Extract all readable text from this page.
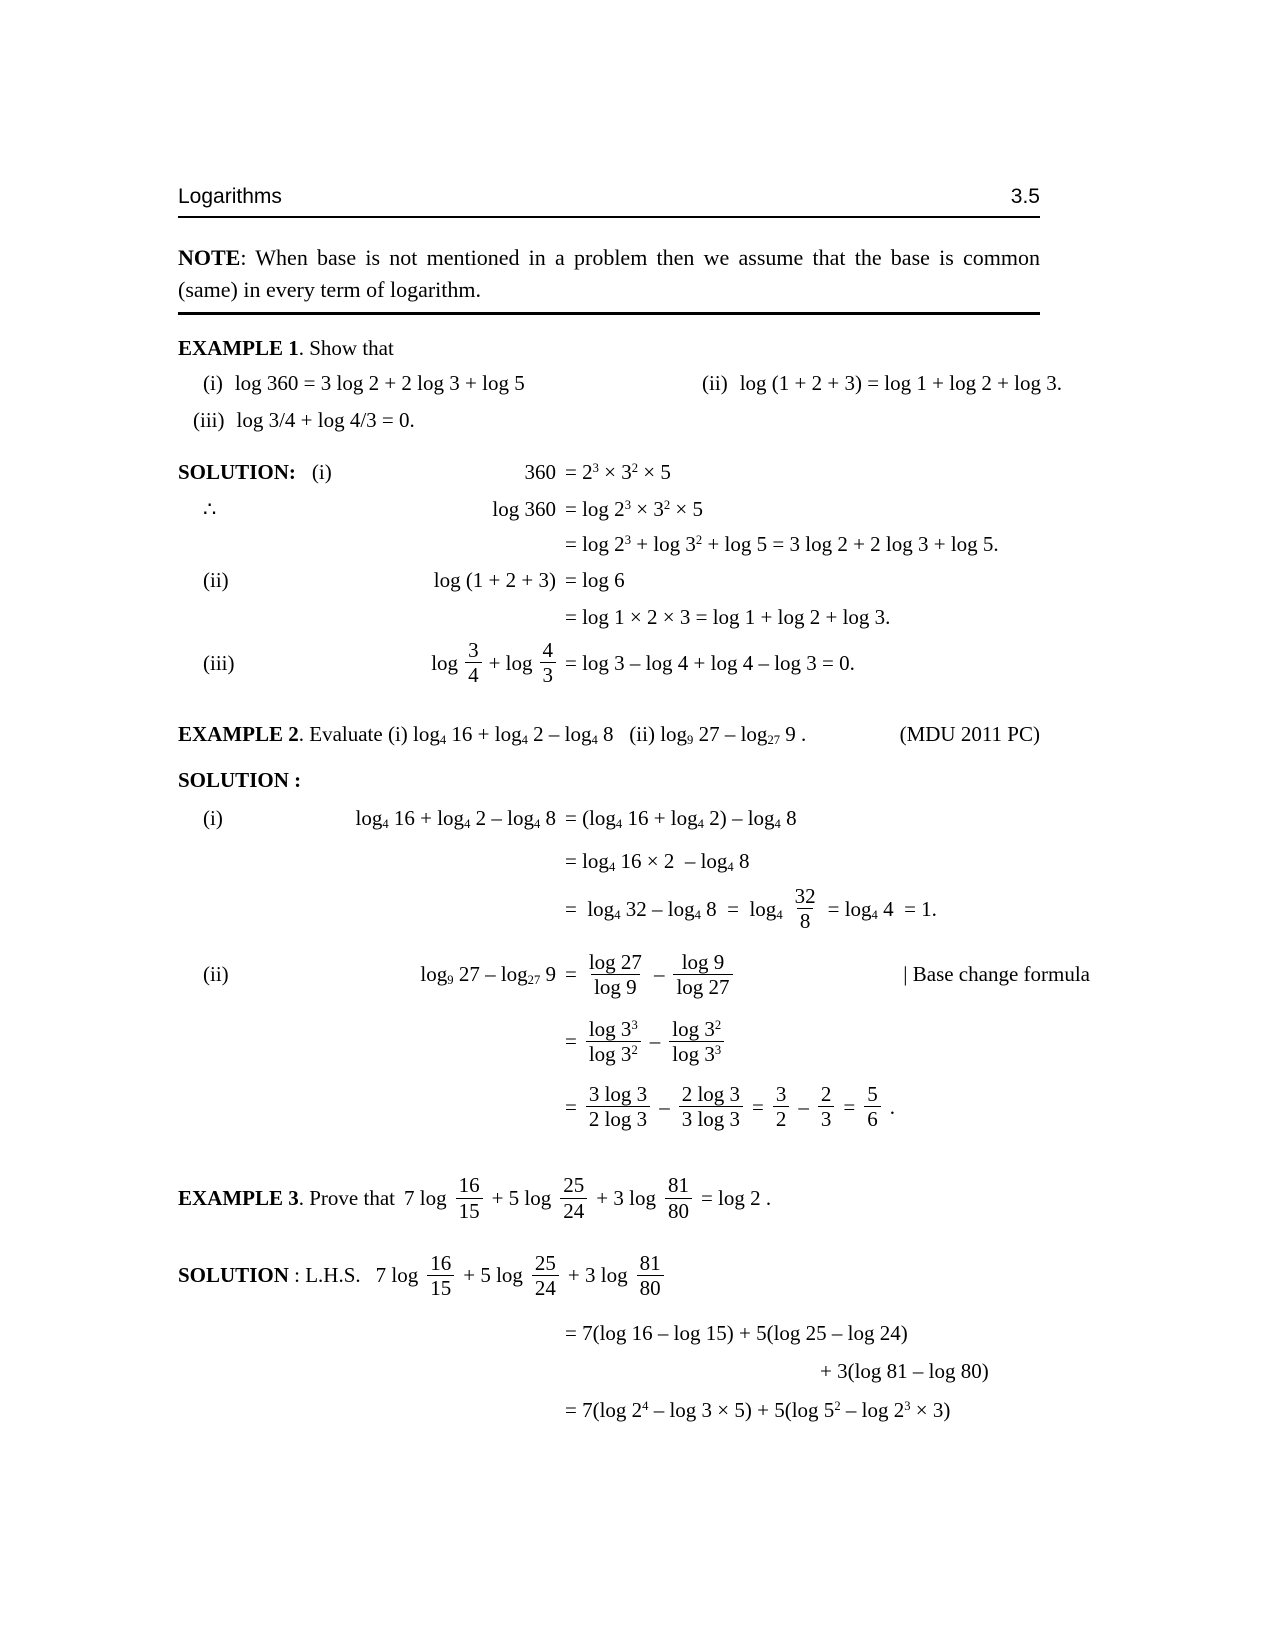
Logarithms	3.5

NOTE: When base is not mentioned in a problem then we assume that the base is common (same) in every term of logarithm.

EXAMPLE 1. Show that

(i) log 360 = 3 log 2 + 2 log 3 + log 5	(ii) log (1 + 2 + 3) = log 1 + log 2 + log 3.
(iii) log 3/4 + log 4/3 = 0.
SOLUTION: (i)	$360 = 2^3 \times 3^2 \times 5$
∴	$\log 360 = \log 2^3 \times 3^2 \times 5$
= $\log 2^3 + \log 3^2 + \log 5 = 3$ log 2 + 2 log 3 + log 5.
(ii)	log (1 + 2 + 3) = log 6
= log 1 × 2 × 3 = log 1 + log 2 + log 3.
(iii)	$\log \frac{3}{4} + \log \frac{4}{3} = \log 3 - \log 4 + \log 4 - \log 3 = 0$.
EXAMPLE 2. Evaluate (i) $\log_4 16 + \log_4 2 - \log_4 8$   (ii) $\log_9 27 - \log_{27} 9$ .	(MDU 2011 PC)

SOLUTION :

(i)	$\log_4 16 + \log_4 2 - \log_4 8 = (\log_4$ $16 + \log_4 2) - \log_4 8$
= $\log_4 16 \times 2 - \log_4 8$
=  $\log_4 32 - \log_4 8 = \log_4 \frac{32}{8} = \log_4 4 = 1$.
(ii)	$\log_9 27 - \log_{27} 9 = \frac{\log 27}{\log 9} - \frac{\log 9}{\log 27}$	| Base change formula
= $\frac{\log 3^3}{\log 3^2} - \frac{\log 3^2}{\log 3^3}$
= $\frac{3 \log 3}{2 \log 3} - \frac{2 \log 3}{3 \log 3} = \frac{3}{2} - \frac{2}{3} = \frac{5}{6}$ .
EXAMPLE 3. Prove that 7 $\log \frac{16}{15} + 5$ $\log \frac{25}{24} + 3$ $\log \frac{81}{80} = \log 2$ .
SOLUTION : L.H.S. 7 $\log \frac{16}{15} + 5$ $\log \frac{25}{24} + 3$ $\log \frac{81}{80}$
= 7(log 16 – log 15) + 5(log 25 – log 24)
+ 3(log 81 – log 80)
= 7(log $2^4 - \log 3 \times 5) + 5(\log$ $5^2 - \log 2^3 \times 3$)
